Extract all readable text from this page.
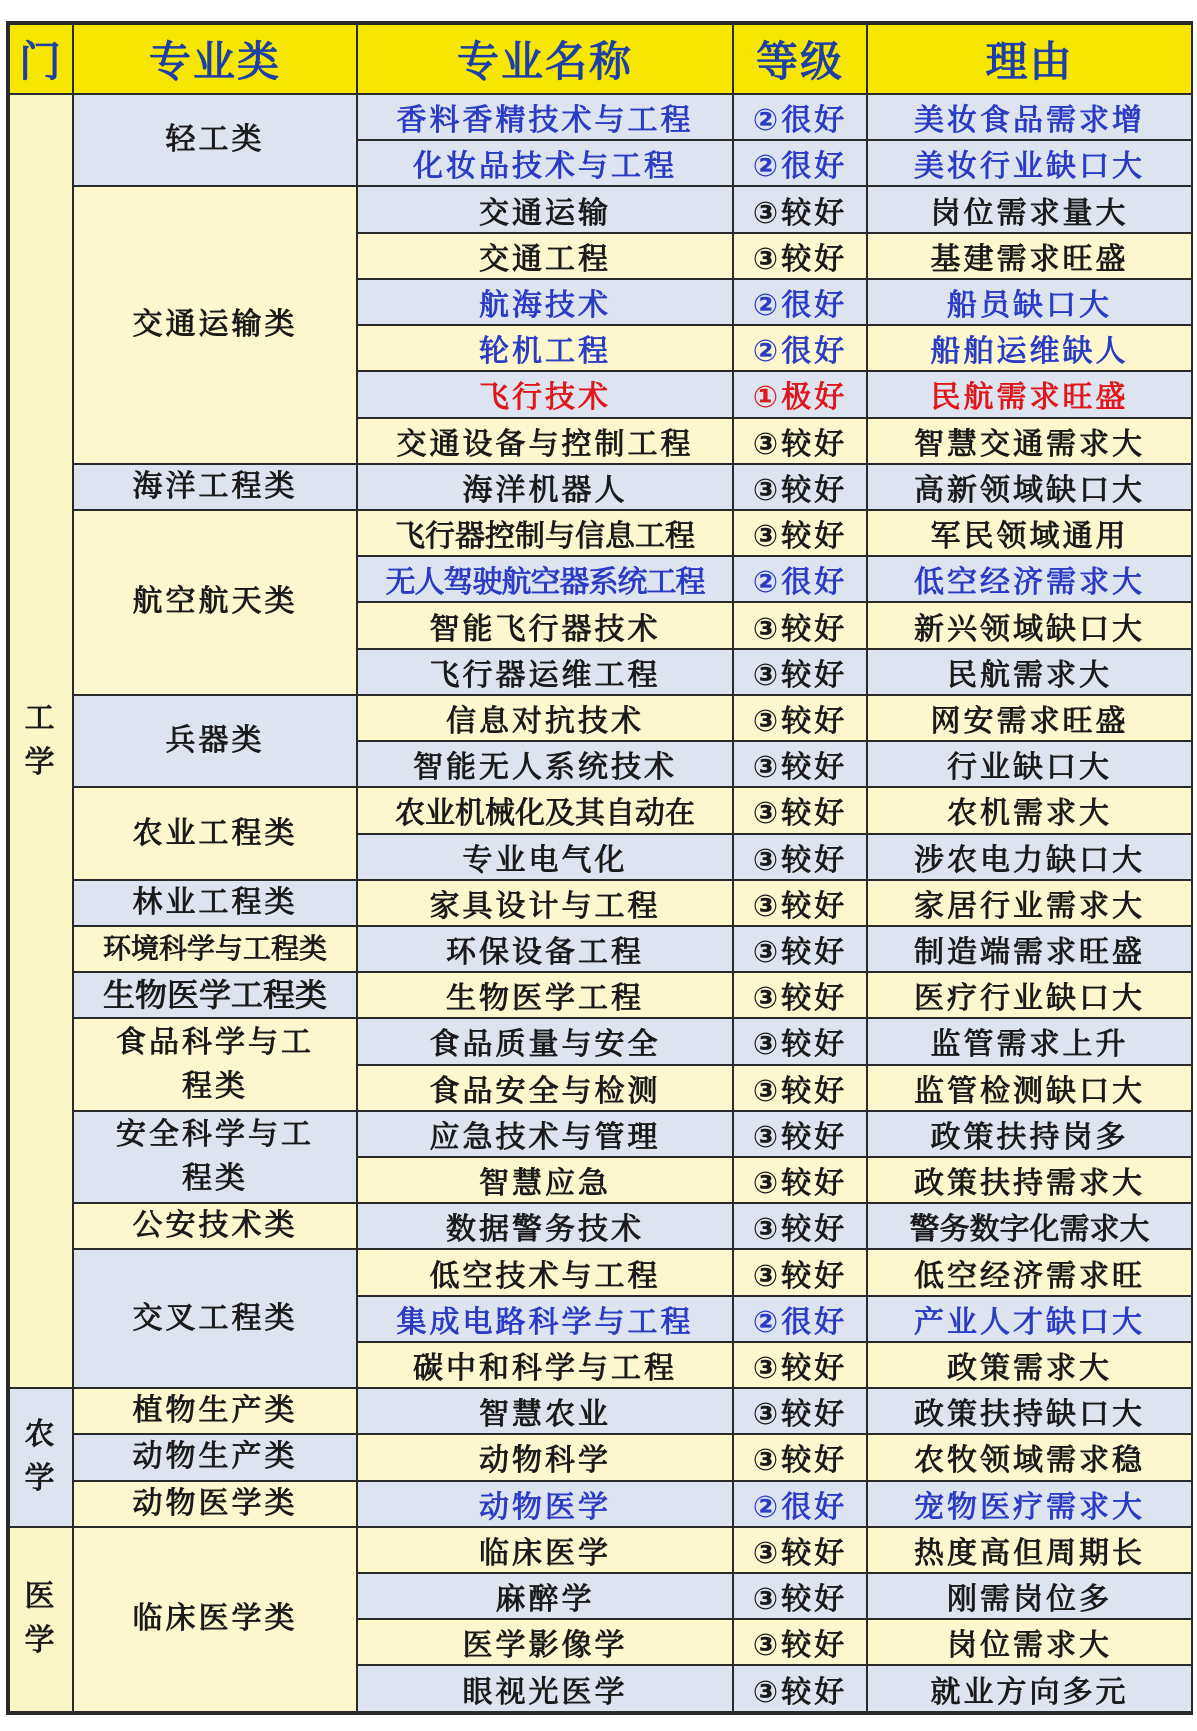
门	专业类	专业名称	等级	理由

工
学	轻工类	香料香精技术与工程	②很好	美妆食品需求增
		化妆品技术与工程	②很好	美妆行业缺口大
	交通运输类	交通运输	③较好	岗位需求量大
		交通工程	③较好	基建需求旺盛
		航海技术	②很好	船员缺口大
		轮机工程	②很好	船舶运维缺人
		飞行技术	①极好	民航需求旺盛
		交通设备与控制工程	③较好	智慧交通需求大
	海洋工程类	海洋机器人	③较好	高新领域缺口大
	航空航天类	飞行器控制与信息工程	③较好	军民领域通用
		无人驾驶航空器系统工程	②很好	低空经济需求大
		智能飞行器技术	③较好	新兴领域缺口大
		飞行器运维工程	③较好	民航需求大
	兵器类	信息对抗技术	③较好	网安需求旺盛
		智能无人系统技术	③较好	行业缺口大
	农业工程类	农业机械化及其自动在	③较好	农机需求大
		专业电气化	③较好	涉农电力缺口大
	林业工程类	家具设计与工程	③较好	家居行业需求大
	环境科学与工程类	环保设备工程	③较好	制造端需求旺盛
	生物医学工程类	生物医学工程	③较好	医疗行业缺口大
	食品科学与工程类	食品质量与安全	③较好	监管需求上升
		食品安全与检测	③较好	监管检测缺口大
	安全科学与工程类	应急技术与管理	③较好	政策扶持岗多
		智慧应急	③较好	政策扶持需求大
	公安技术类	数据警务技术	③较好	警务数字化需求大
	交叉工程类	低空技术与工程	③较好	低空经济需求旺
		集成电路科学与工程	②很好	产业人才缺口大
		碳中和科学与工程	③较好	政策需求大

农
学	植物生产类	智慧农业	③较好	政策扶持缺口大
	动物生产类	动物科学	③较好	农牧领域需求稳
	动物医学类	动物医学	②很好	宠物医疗需求大

医
学	临床医学类	临床医学	③较好	热度高但周期长
		麻醉学	③较好	刚需岗位多
		医学影像学	③较好	岗位需求大
		眼视光医学	③较好	就业方向多元
